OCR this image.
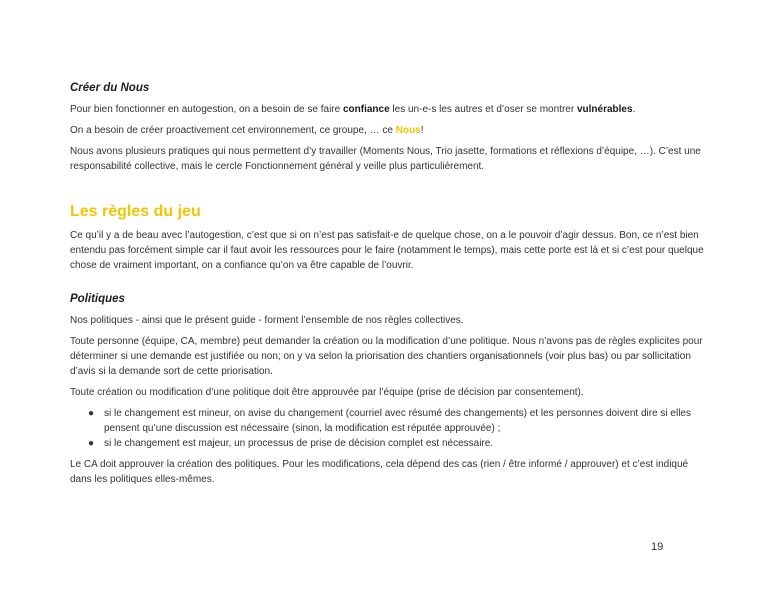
Créer du Nous

Pour bien fonctionner en autogestion, on a besoin de se faire confiance les un-e-s les autres et d’oser se montrer vulnérables.

On a besoin de créer proactivement cet environnement, ce groupe, … ce Nous!

Nous avons plusieurs pratiques qui nous permettent d’y travailler (Moments Nous, Trio jasette, formations et réflexions d’équipe, …). C’est une responsabilité collective, mais le cercle Fonctionnement général y veille plus particulièrement.

Les règles du jeu

Ce qu’il y a de beau avec l’autogestion, c’est que si on n’est pas satisfait-e de quelque chose, on a le pouvoir d’agir dessus. Bon, ce n’est bien entendu pas forcément simple car il faut avoir les ressources pour le faire (notamment le temps), mais cette porte est là et si c’est pour quelque chose de vraiment important, on a confiance qu’on va être capable de l’ouvrir.

Politiques

Nos politiques - ainsi que le présent guide - forment l’ensemble de nos règles collectives.

Toute personne (équipe, CA, membre) peut demander la création ou la modification d’une politique. Nous n’avons pas de règles explicites pour déterminer si une demande est justifiée ou non; on y va selon la priorisation des chantiers organisationnels (voir plus bas) ou par sollicitation d’avis si la demande sort de cette priorisation.

Toute création ou modification d’une politique doit être approuvée par l’équipe (prise de décision par consentement).

● si le changement est mineur, on avise du changement (courriel avec résumé des changements) et les personnes doivent dire si elles pensent qu’une discussion est nécessaire (sinon, la modification est réputée approuvée) ;
● si le changement est majeur, un processus de prise de décision complet est nécessaire.

Le CA doit approuver la création des politiques. Pour les modifications, cela dépend des cas (rien / être informé / approuver) et c’est indiqué dans les politiques elles-mêmes.

19
